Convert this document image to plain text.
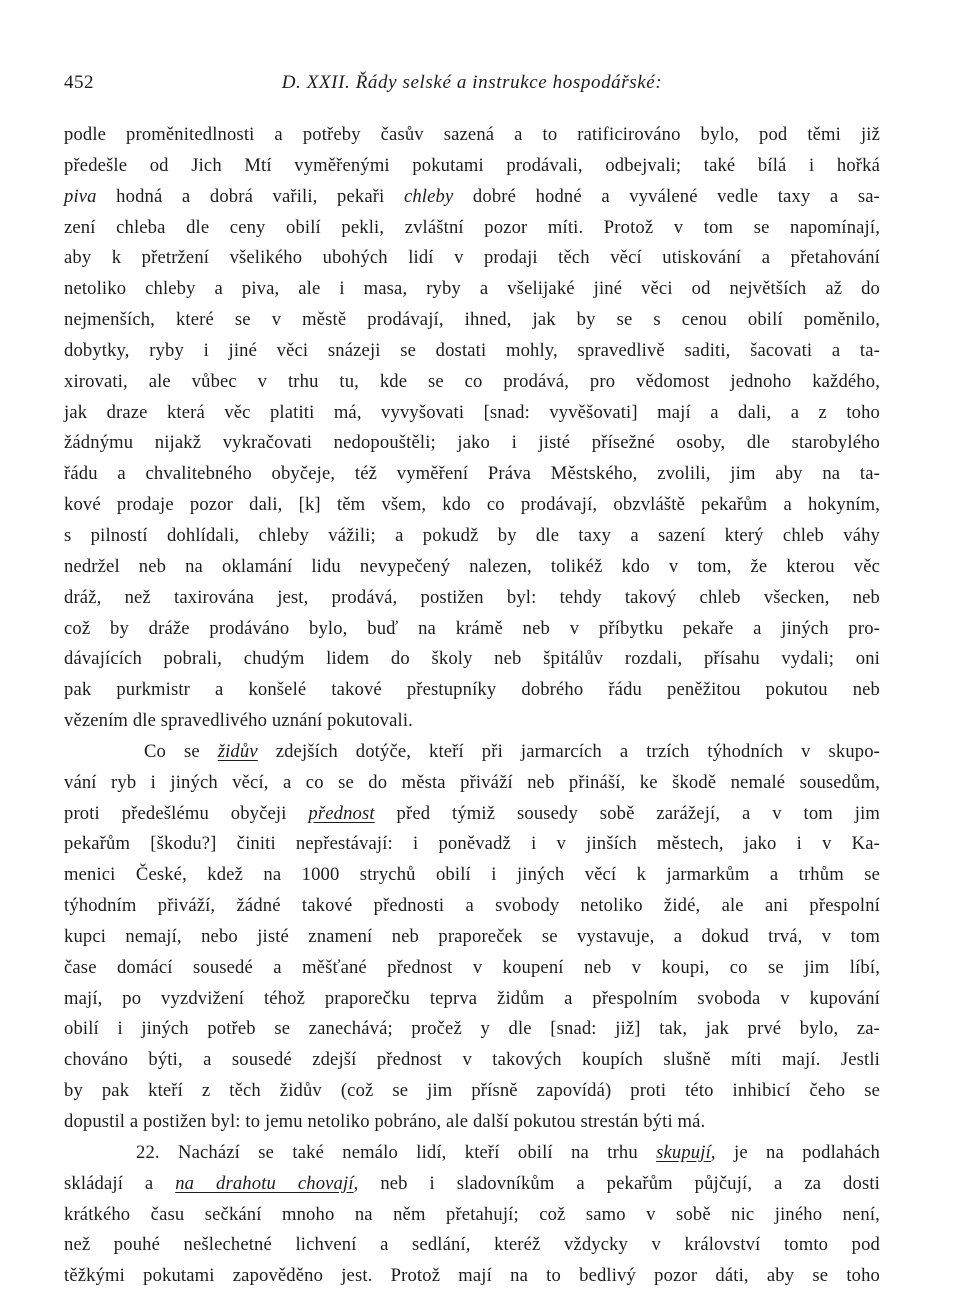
452	D. XXII. Řády selské a instrukce hospodářské:
podle proměnitedlnosti a potřeby časův sazená a to ratificirováno bylo, pod těmi již
předešle od Jich Mtí vyměřenými pokutami prodávali, odbejvali; také bílá i hořká
piva hodná a dobrá vařili, pekaři chleby dobré hodné a vyválené vedle taxy a sa-
zení chleba dle ceny obilí pekli, zvláštní pozor míti. Protož v tom se napomínají,
aby k přetržení všelikého ubohých lidí v prodaji těch věcí utiskování a přetahování
netoliko chleby a piva, ale i masa, ryby a všelijaké jiné věci od největších až do
nejmenších, které se v městě prodávají, ihned, jak by se s cenou obilí poměnilo,
dobytky, ryby i jiné věci snázeji se dostati mohly, spravedlivě saditi, šacovati a ta-
xirovati, ale vůbec v trhu tu, kde se co prodává, pro vědomost jednoho každého,
jak draze která věc platiti má, vyvyšovati [snad: vyvěšovati] mají a dali, a z toho
žádnýmu nijakž vykračovati nedopouštěli; jako i jisté přísežné osoby, dle starobylého
řádu a chvalitebného obyčeje, též vyměření Práva Městského, zvolili, jim aby na ta-
kové prodaje pozor dali, [k] těm všem, kdo co prodávají, obzvláště pekařům a hokyním,
s pilností dohlídali, chleby vážili; a pokudž by dle taxy a sazení který chleb váhy
nedržel neb na oklamání lidu nevypečený nalezen, tolikéž kdo v tom, že kterou věc
dráž, než taxirována jest, prodává, postižen byl: tehdy takový chleb všecken, neb
což by dráže prodáváno bylo, buď na krámě neb v příbytku pekaře a jiných pro-
dávajících pobrali, chudým lidem do školy neb špitálův rozdali, přísahu vydali; oni
pak purkmistr a konšelé takové přestupníky dobrého řádu peněžitou pokutou neb
vězením dle spravedlivého uznání pokutovali.
Co se židův zdejších dotýče, kteří při jarmarcích a trzích týhodních v skupo-
vání ryb i jiných věcí, a co se do města přiváží neb přináší, ke škodě nemalé sousedům,
proti předešlému obyčeji přednost před týmiž sousedy sobě zarážejí, a v tom jim
pekařům [škodu?] činiti nepřestávají: i poněvadž i v jinších městech, jako i v Ka-
menici České, kdež na 1000 strychů obilí i jiných věcí k jarmarkům a trhům se
týhodním přiváží, žádné takové přednosti a svobody netoliko židé, ale ani přespolní
kupci nemají, nebo jisté znamení neb praporeček se vystavuje, a dokud trvá, v tom
čase domácí sousedé a měšťané přednost v koupení neb v koupi, co se jim líbí,
mají, po vyzdvižení téhož praporečku teprva židům a přespolním svoboda v kupování
obilí i jiných potřeb se zanechává; pročež y dle [snad: již] tak, jak prvé bylo, za-
chováno býti, a sousedé zdejší přednost v takových koupích slušně míti mají. Jestli
by pak kteří z těch židův (což se jim přísně zapovídá) proti této inhibicí čeho se
dopustil a postižen byl: to jemu netoliko pobráno, ale další pokutou strestán býti má.
22. Nachází se také nemálo lidí, kteří obilí na trhu skupují, je na podlahách
skládají a na drahotu chovají, neb i sladovníkům a pekařům půjčují, a za dosti
krátkého času sečkání mnoho na něm přetahují; což samo v sobě nic jiného není,
než pouhé nešlechetné lichvení a sedlání, kteréž vždycky v království tomto pod
těžkými pokutami zapověděno jest. Protož mají na to bedlivý pozor dáti, aby se toho
